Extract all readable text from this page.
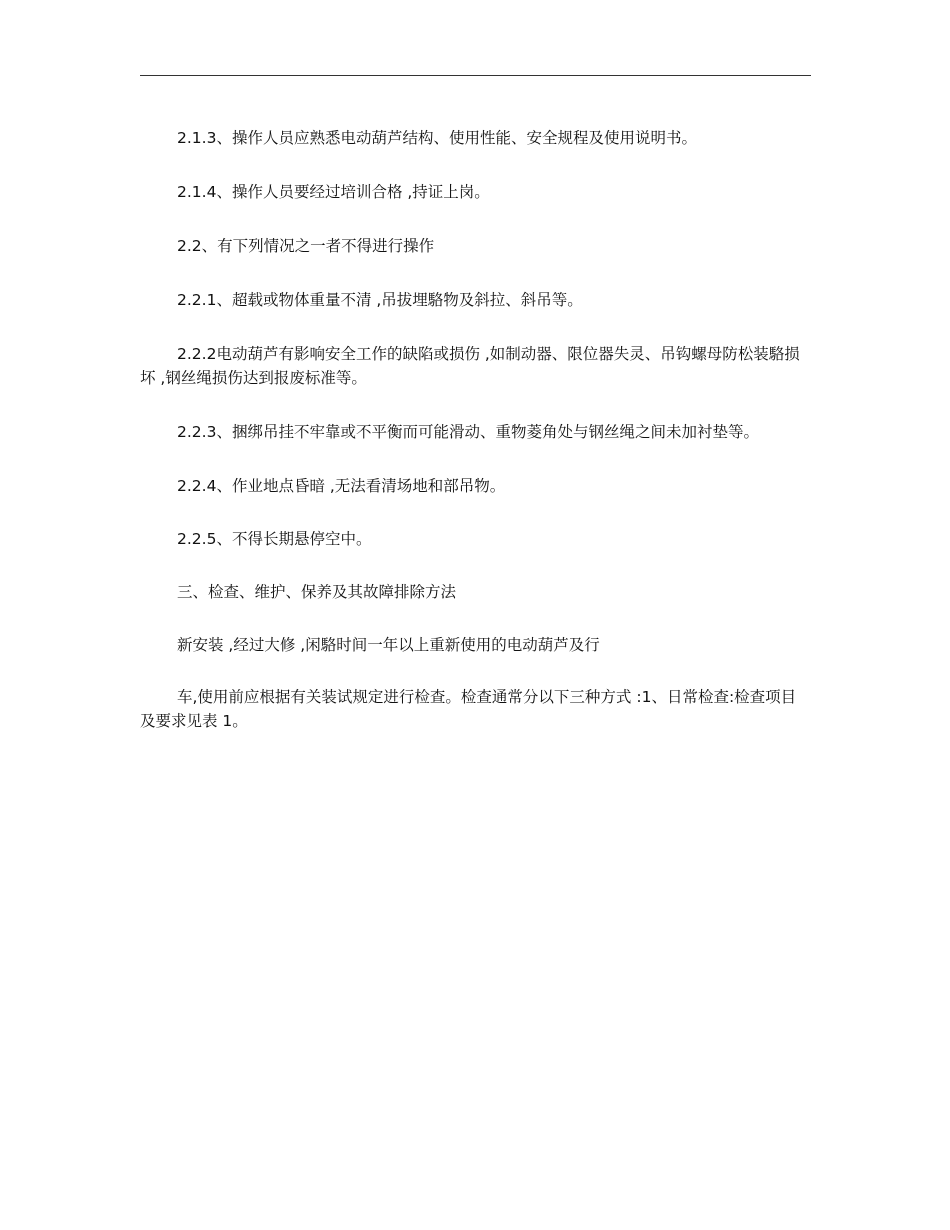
2.1.3、操作人员应熟悉电动葫芦结构、使用性能、安全规程及使用说明书。

2.1.4、操作人员要经过培训合格 ,持证上岗。

2.2、有下列情况之一者不得进行操作

2.2.1、超载或物体重量不清 ,吊拔埋駱物及斜拉、斜吊等。

2.2.2电动葫芦有影响安全工作的缺陷或损伤 ,如制动器、限位器失灵、吊钩螺母防松装駱损坏 ,钢丝绳损伤达到报废标准等。

2.2.3、捆绑吊挂不牢靠或不平衡而可能滑动、重物菱角处与钢丝绳之间未加衬垫等。

2.2.4、作业地点昏暗 ,无法看清场地和部吊物。

2.2.5、不得长期悬停空中。

三、检查、维护、保养及其故障排除方法

新安装 ,经过大修 ,闲駱时间一年以上重新使用的电动葫芦及行

车,使用前应根据有关装试规定进行检查。检查通常分以下三种方式 :1、日常检查:检查项目及要求见表 1。
